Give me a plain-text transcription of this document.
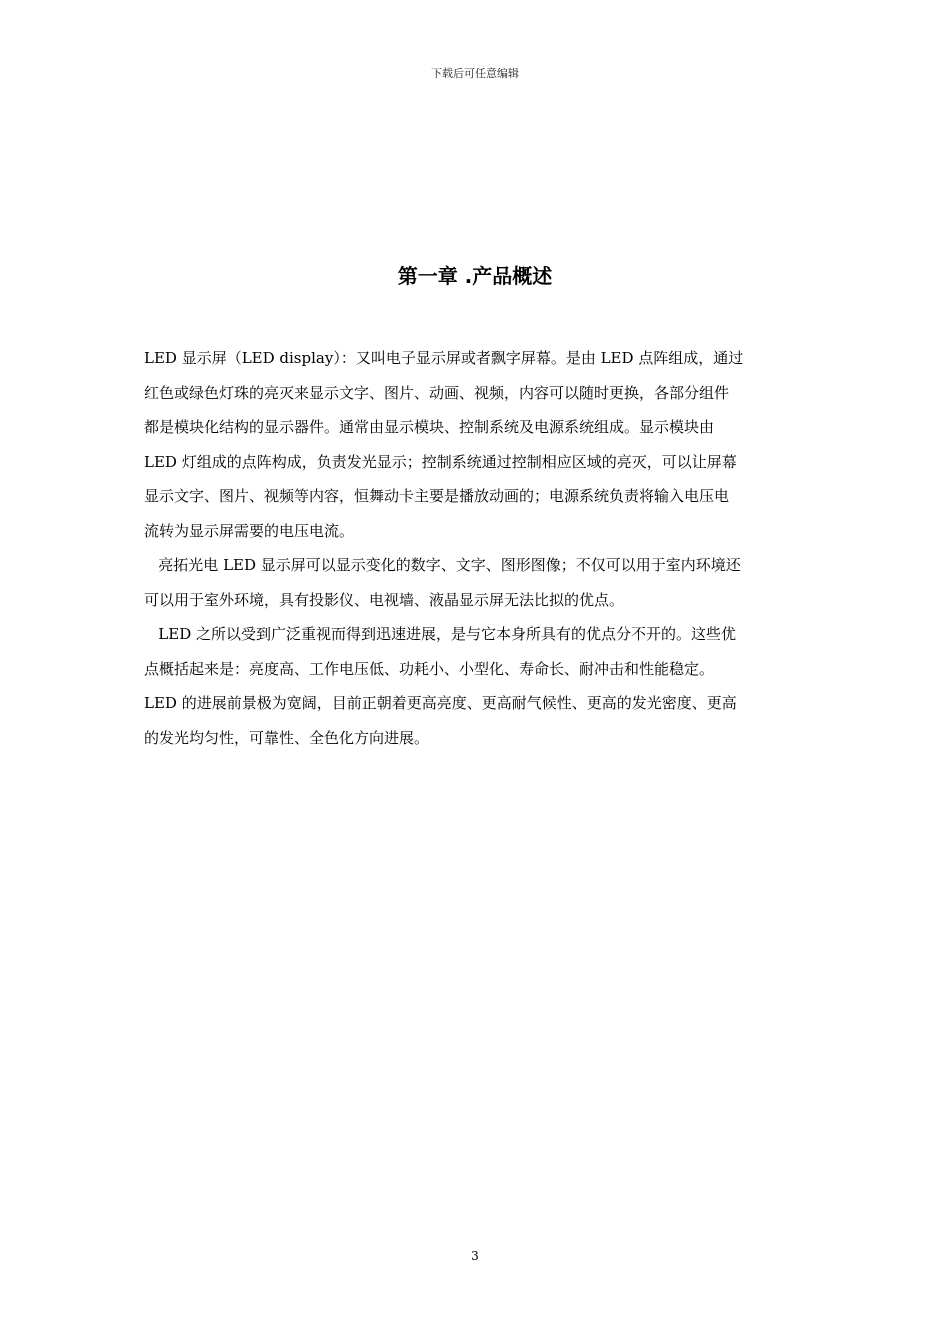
下载后可任意编辑
第一章 .产品概述
LED 显示屏（LED display）：又叫电子显示屏或者飘字屏幕。是由 LED 点阵组成，通过
红色或绿色灯珠的亮灭来显示文字、图片、动画、视频，内容可以随时更换，各部分组件
都是模块化结构的显示器件。通常由显示模块、控制系统及电源系统组成。显示模块由
LED 灯组成的点阵构成，负责发光显示；控制系统通过控制相应区域的亮灭，可以让屏幕
显示文字、图片、视频等内容，恒舞动卡主要是播放动画的；电源系统负责将输入电压电
流转为显示屏需要的电压电流。
亮拓光电 LED 显示屏可以显示变化的数字、文字、图形图像；不仅可以用于室内环境还
可以用于室外环境，具有投影仪、电视墙、液晶显示屏无法比拟的优点。
LED 之所以受到广泛重视而得到迅速进展，是与它本身所具有的优点分不开的。这些优
点概括起来是：亮度高、工作电压低、功耗小、小型化、寿命长、耐冲击和性能稳定。
LED 的进展前景极为宽阔，目前正朝着更高亮度、更高耐气候性、更高的发光密度、更高
的发光均匀性，可靠性、全色化方向进展。
3
